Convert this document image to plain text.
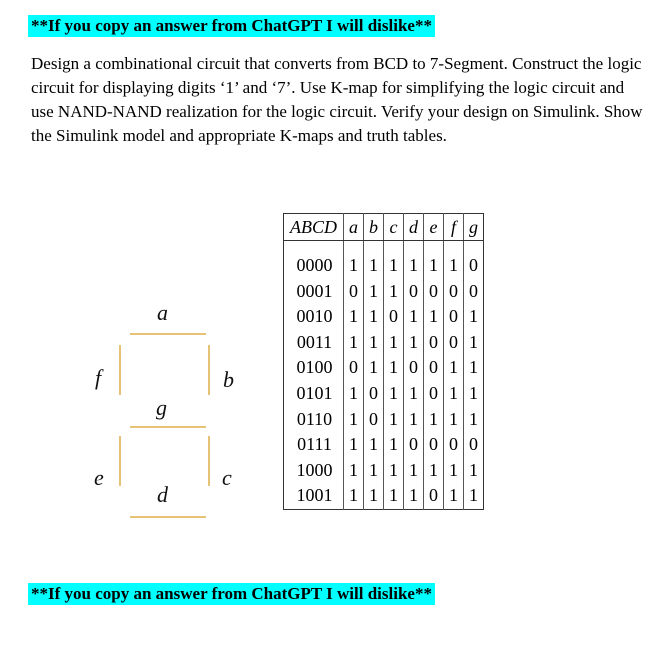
**If you copy an answer from ChatGPT I will dislike**

Design a combinational circuit that converts from BCD to 7-Segment. Construct the logic circuit for displaying digits ‘1’ and ‘7’. Use K-map for simplifying the logic circuit and use NAND-NAND realization for the logic circuit. Verify your design on Simulink. Show the Simulink model and appropriate K-maps and truth tables.

a
f	b
g
e	c
d
ABCD	a	b	c	d	e	f	g
0000	1	1	1	1	1	1	0
0001	0	1	1	0	0	0	0
0010	1	1	0	1	1	0	1
0011	1	1	1	1	0	0	1
0100	0	1	1	0	0	1	1
0101	1	0	1	1	0	1	1
0110	1	0	1	1	1	1	1
0111	1	1	1	0	0	0	0
1000	1	1	1	1	1	1	1
1001	1	1	1	1	0	1	1
**If you copy an answer from ChatGPT I will dislike**
